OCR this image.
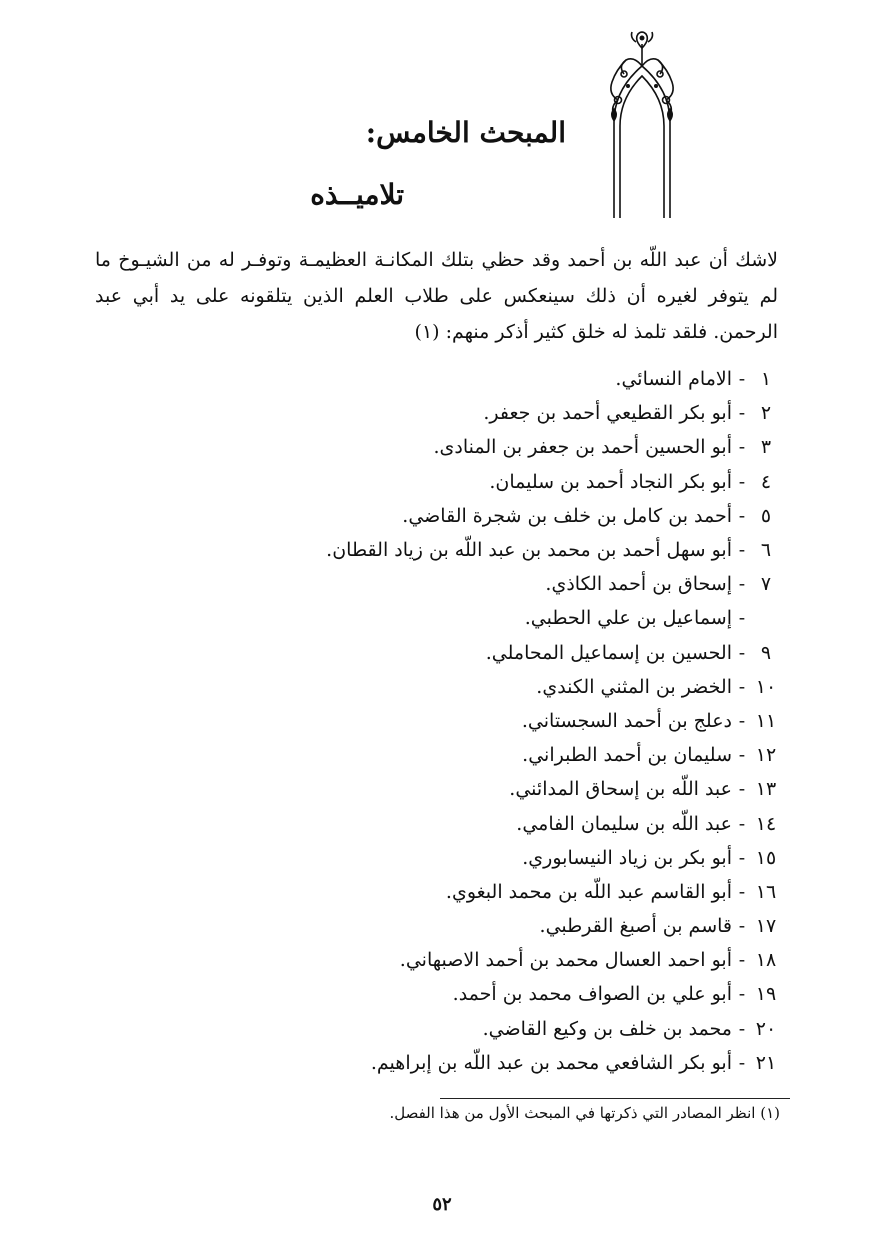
المبحث الخامس:
تلاميــذه

لاشك أن عبد اللّه بن أحمد وقد حظي بتلك المكانـة العظيمـة وتوفـر له من الشيـوخ ما لم يتوفر لغيره أن ذلك سينعكس على طلاب العلم الذين يتلقونه على يد أبي عبد الرحمن. فلقد تلمذ له خلق كثير أذكر منهم: (١)

١
-
الامام النسائي.
٢
-
أبو بكر القطيعي أحمد بن جعفر.
٣
-
أبو الحسين أحمد بن جعفر بن المنادى.
٤
-
أبو بكر النجاد أحمد بن سليمان.
٥
-
أحمد بن كامل بن خلف بن شجرة القاضي.
٦
-
أبو سهل أحمد بن محمد بن عبد اللّه بن زياد القطان.
٧
-
إسحاق بن أحمد الكاذي.
-
إسماعيل بن علي الحطبي.
٩
-
الحسين بن إسماعيل المحاملي.
١٠
-
الخضر بن المثني الكندي.
١١
-
دعلج بن أحمد السجستاني.
١٢
-
سليمان بن أحمد الطبراني.
١٣
-
عبد اللّه بن إسحاق المدائني.
١٤
-
عبد اللّه بن سليمان الفامي.
١٥
-
أبو بكر بن زياد النيسابوري.
١٦
-
أبو القاسم عبد اللّه بن محمد البغوي.
١٧
-
قاسم بن أصبغ القرطبي.
١٨
-
أبو احمد العسال محمد بن أحمد الاصبهاني.
١٩
-
أبو علي بن الصواف محمد بن أحمد.
٢٠
-
محمد بن خلف بن وكيع القاضي.
٢١
-
أبو بكر الشافعي محمد بن عبد اللّه بن إبراهيم.

(١) انظر المصادر التي ذكرتها في المبحث الأول من هذا الفصل.

٥٢
